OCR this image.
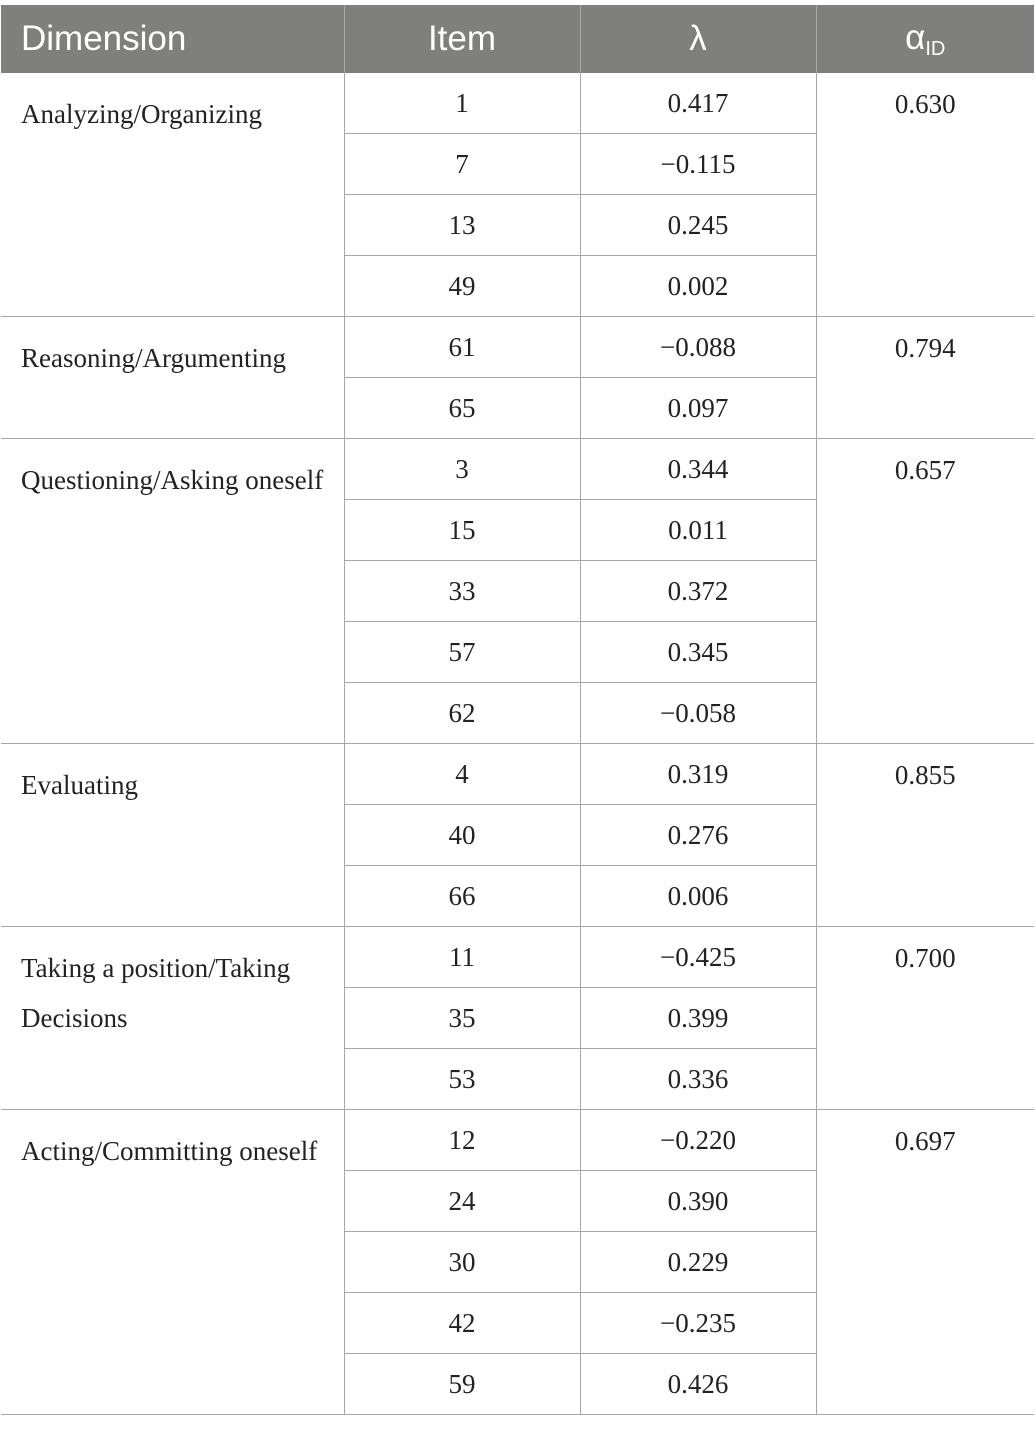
Dimension	Item	λ	$\alpha_{ID}$
Analyzing/Organizing	1	0.417	0.630
	7	−0.115	
	13	0.245	
	49	0.002	
Reasoning/Argumenting	61	−0.088	0.794
	65	0.097	
Questioning/Asking oneself	3	0.344	0.657
	15	0.011	
	33	0.372	
	57	0.345	
	62	−0.058	
Evaluating	4	0.319	0.855
	40	0.276	
	66	0.006	
Taking a position/Taking Decisions	11	−0.425	0.700
	35	0.399	
	53	0.336	
Acting/Committing oneself	12	−0.220	0.697
	24	0.390	
	30	0.229	
	42	−0.235	
	59	0.426	
